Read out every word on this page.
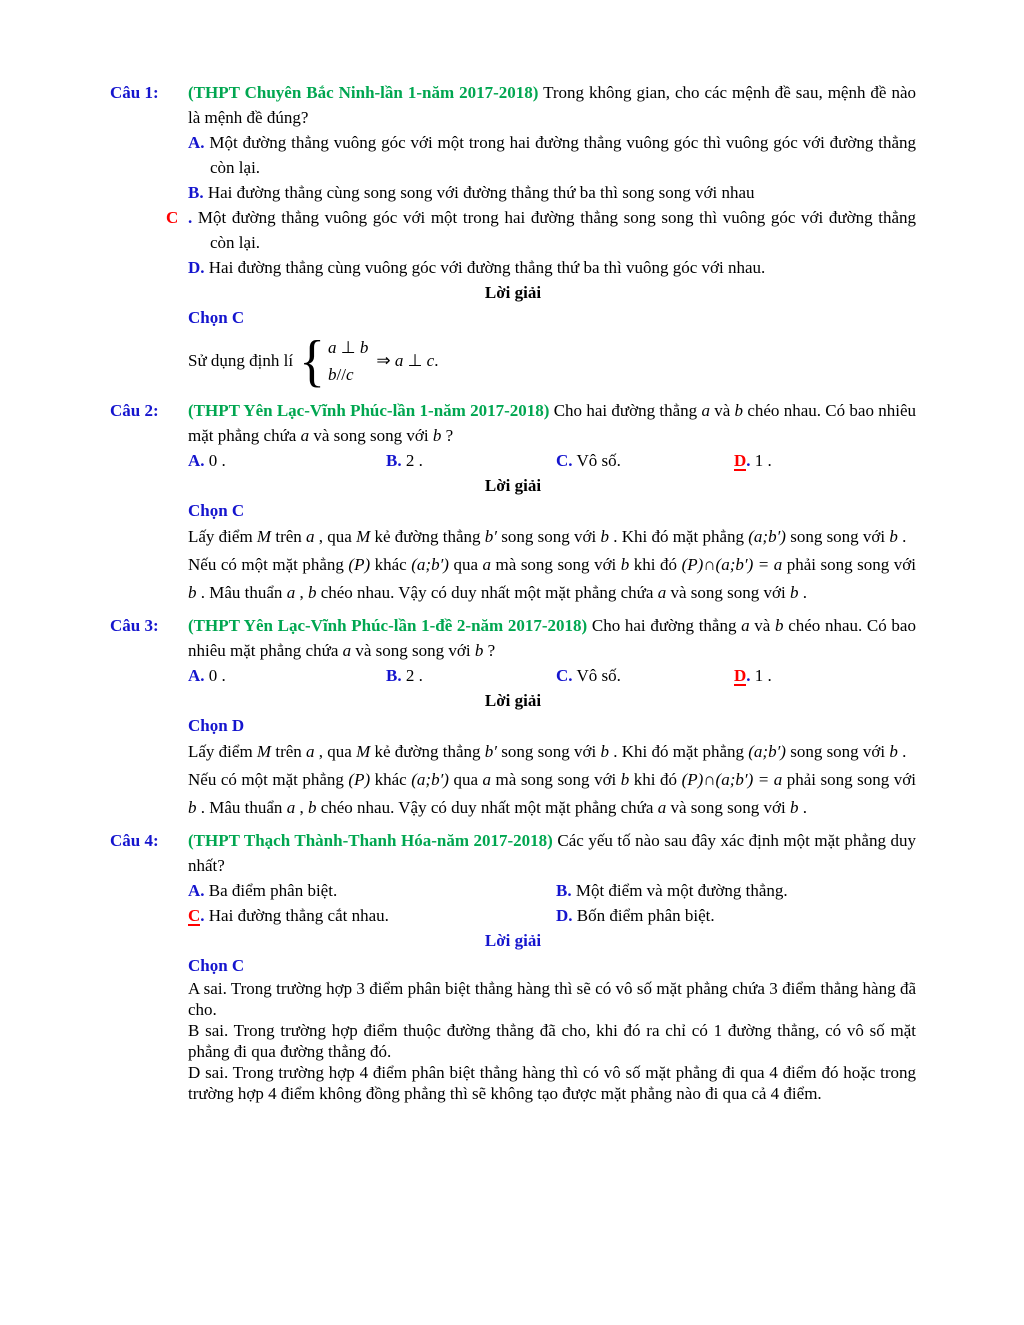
Câu 1:	(THPT Chuyên Bắc Ninh-lần 1-năm 2017-2018) Trong không gian, cho các mệnh đề sau, mệnh đề nào là mệnh đề đúng?
A. Một đường thẳng vuông góc với một trong hai đường thẳng vuông góc thì vuông góc với đường thẳng còn lại.
B. Hai đường thẳng cùng song song với đường thẳng thứ ba thì song song với nhau
C . Một đường thẳng vuông góc với một trong hai đường thẳng song song thì vuông góc với đường thẳng còn lại.
D. Hai đường thẳng cùng vuông góc với đường thẳng thứ ba thì vuông góc với nhau.
Lời giải
Chọn C
Sử dụng định lí { a ⊥ b
b//c
⇒ a ⊥ c.
Câu 2:	(THPT Yên Lạc-Vĩnh Phúc-lần 1-năm 2017-2018) Cho hai đường thẳng a và b chéo nhau. Có bao nhiêu mặt phẳng chứa a và song song với b ?
A. 0 .	B. 2 .	C. Vô số.	D. 1 .
Lời giải
Chọn C
Lấy điểm M trên a , qua M kẻ đường thẳng b′ song song với b . Khi đó mặt phẳng (a;b′) song song với b .
Nếu có một mặt phẳng (P) khác (a;b′) qua a mà song song với b khi đó (P)∩(a;b′) = a phải song song với b . Mâu thuẩn a , b chéo nhau. Vậy có duy nhất một mặt phẳng chứa a và song song với b .
Câu 3:	(THPT Yên Lạc-Vĩnh Phúc-lần 1-đề 2-năm 2017-2018) Cho hai đường thẳng a và b chéo nhau. Có bao nhiêu mặt phẳng chứa a và song song với b ?
A. 0 .	B. 2 .	C. Vô số.	D. 1 .
Lời giải
Chọn D
Lấy điểm M trên a , qua M kẻ đường thẳng b′ song song với b . Khi đó mặt phẳng (a;b′) song song với b .
Nếu có một mặt phẳng (P) khác (a;b′) qua a mà song song với b khi đó (P)∩(a;b′) = a phải song song với b . Mâu thuẩn a , b chéo nhau. Vậy có duy nhất một mặt phẳng chứa a và song song với b .
Câu 4:	(THPT Thạch Thành-Thanh Hóa-năm 2017-2018) Các yếu tố nào sau đây xác định một mặt phẳng duy nhất?
A. Ba điểm phân biệt.	B. Một điểm và một đường thẳng.
C. Hai đường thẳng cắt nhau.	D. Bốn điểm phân biệt.
Lời giải
Chọn C
A sai. Trong trường hợp 3 điểm phân biệt thẳng hàng thì sẽ có vô số mặt phẳng chứa 3 điểm thẳng hàng đã cho.
B sai. Trong trường hợp điểm thuộc đường thẳng đã cho, khi đó ra chỉ có 1 đường thẳng, có vô số mặt phẳng đi qua đường thẳng đó.
D sai. Trong trường hợp 4 điểm phân biệt thẳng hàng thì có vô số mặt phẳng đi qua 4 điểm đó hoặc trong trường hợp 4 điểm không đồng phẳng thì sẽ không tạo được mặt phẳng nào đi qua cả 4 điểm.
